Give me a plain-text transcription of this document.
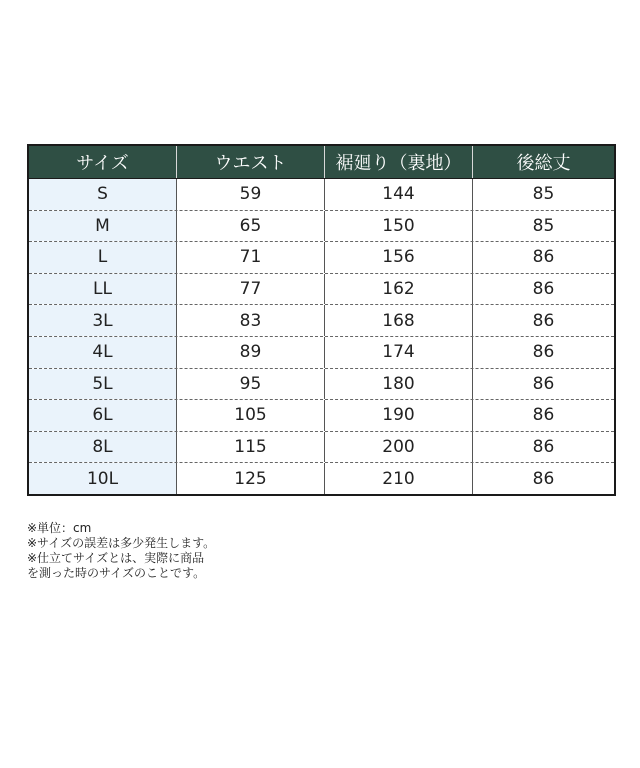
サイズ	ウエスト	裾廻り（裏地）	後総丈
S	59	144	85
M	65	150	85
L	71	156	86
LL	77	162	86
3L	83	168	86
4L	89	174	86
5L	95	180	86
6L	105	190	86
8L	115	200	86
10L	125	210	86
※単位：cm
※サイズの誤差は多少発生します。
※仕立てサイズとは、実際に商品
を測った時のサイズのことです。
